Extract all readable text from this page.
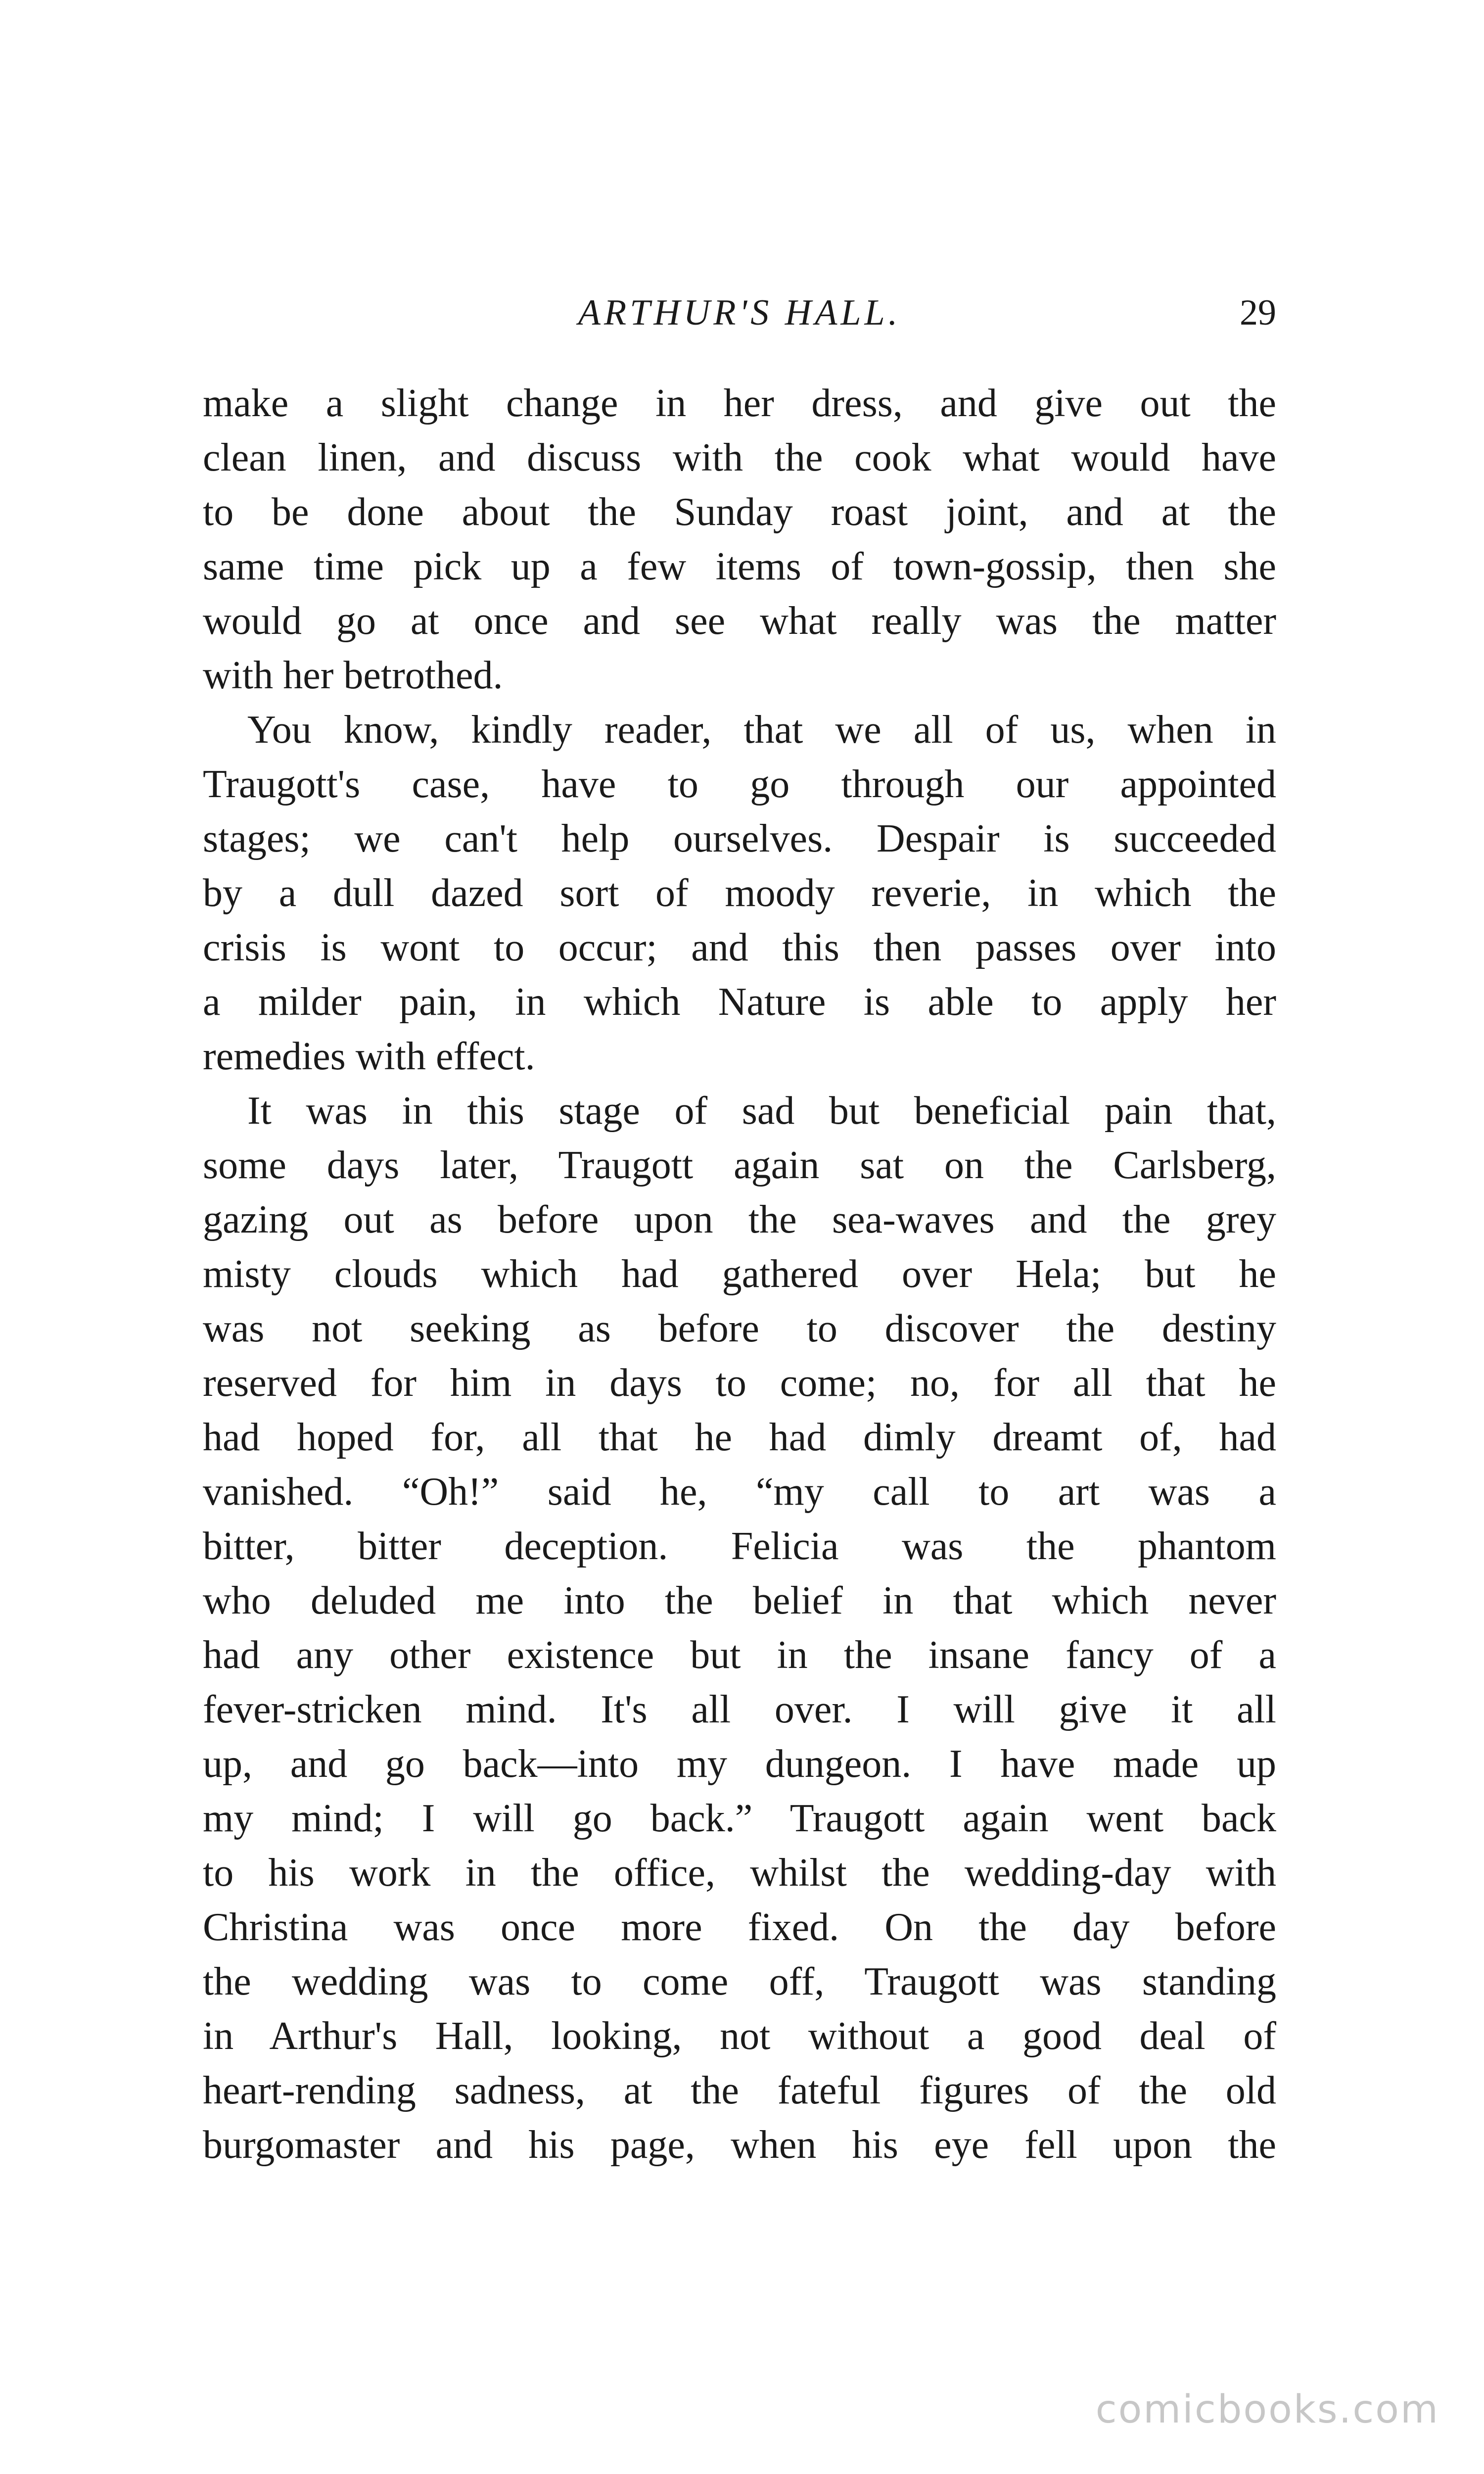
ARTHUR'S HALL.	29
make a slight change in her dress, and give out the
clean linen, and discuss with the cook what would have
to be done about the Sunday roast joint, and at the
same time pick up a few items of town-gossip, then she
would go at once and see what really was the matter
with her betrothed.
You know, kindly reader, that we all of us, when in
Traugott's case, have to go through our appointed
stages; we can't help ourselves. Despair is succeeded
by a dull dazed sort of moody reverie, in which the
crisis is wont to occur; and this then passes over into
a milder pain, in which Nature is able to apply her
remedies with effect.
It was in this stage of sad but beneficial pain that,
some days later, Traugott again sat on the Carlsberg,
gazing out as before upon the sea-waves and the grey
misty clouds which had gathered over Hela; but he
was not seeking as before to discover the destiny
reserved for him in days to come; no, for all that he
had hoped for, all that he had dimly dreamt of, had
vanished. “Oh!” said he, “my call to art was a
bitter, bitter deception. Felicia was the phantom
who deluded me into the belief in that which never
had any other existence but in the insane fancy of a
fever-stricken mind. It's all over. I will give it all
up, and go back—into my dungeon. I have made up
my mind; I will go back.” Traugott again went back
to his work in the office, whilst the wedding-day with
Christina was once more fixed. On the day before
the wedding was to come off, Traugott was standing
in Arthur's Hall, looking, not without a good deal of
heart-rending sadness, at the fateful figures of the old
burgomaster and his page, when his eye fell upon the
comicbooks.com
